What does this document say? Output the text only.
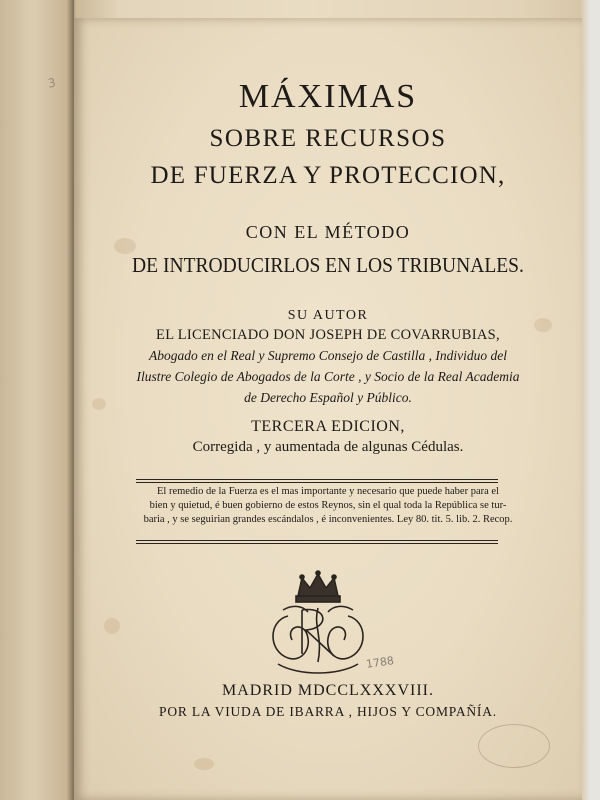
3	MÁXIMAS
SOBRE RECURSOS
DE FUERZA Y PROTECCION,
CON EL MÉTODO
DE INTRODUCIRLOS EN LOS TRIBUNALES.
SU AUTOR
EL LICENCIADO DON JOSEPH DE COVARRUBIAS,
Abogado en el Real y Supremo Consejo de Castilla , Individuo del
Ilustre Colegio de Abogados de la Corte , y Socio de la Real Academia
de Derecho Español y Público.
TERCERA EDICION,
Corregida , y aumentada de algunas Cédulas.
El remedio de la Fuerza es el mas importante y necesario que puede haber para el
bien y quietud, é buen gobierno de estos Reynos, sin el qual toda la República se tur-
baria , y se seguirian grandes escándalos , é inconvenientes. Ley 80. tit. 5. lib. 2. Recop.
MADRID MDCCLXXXVIII.
POR LA VIUDA DE IBARRA , HIJOS Y COMPAÑÍA.
1788
